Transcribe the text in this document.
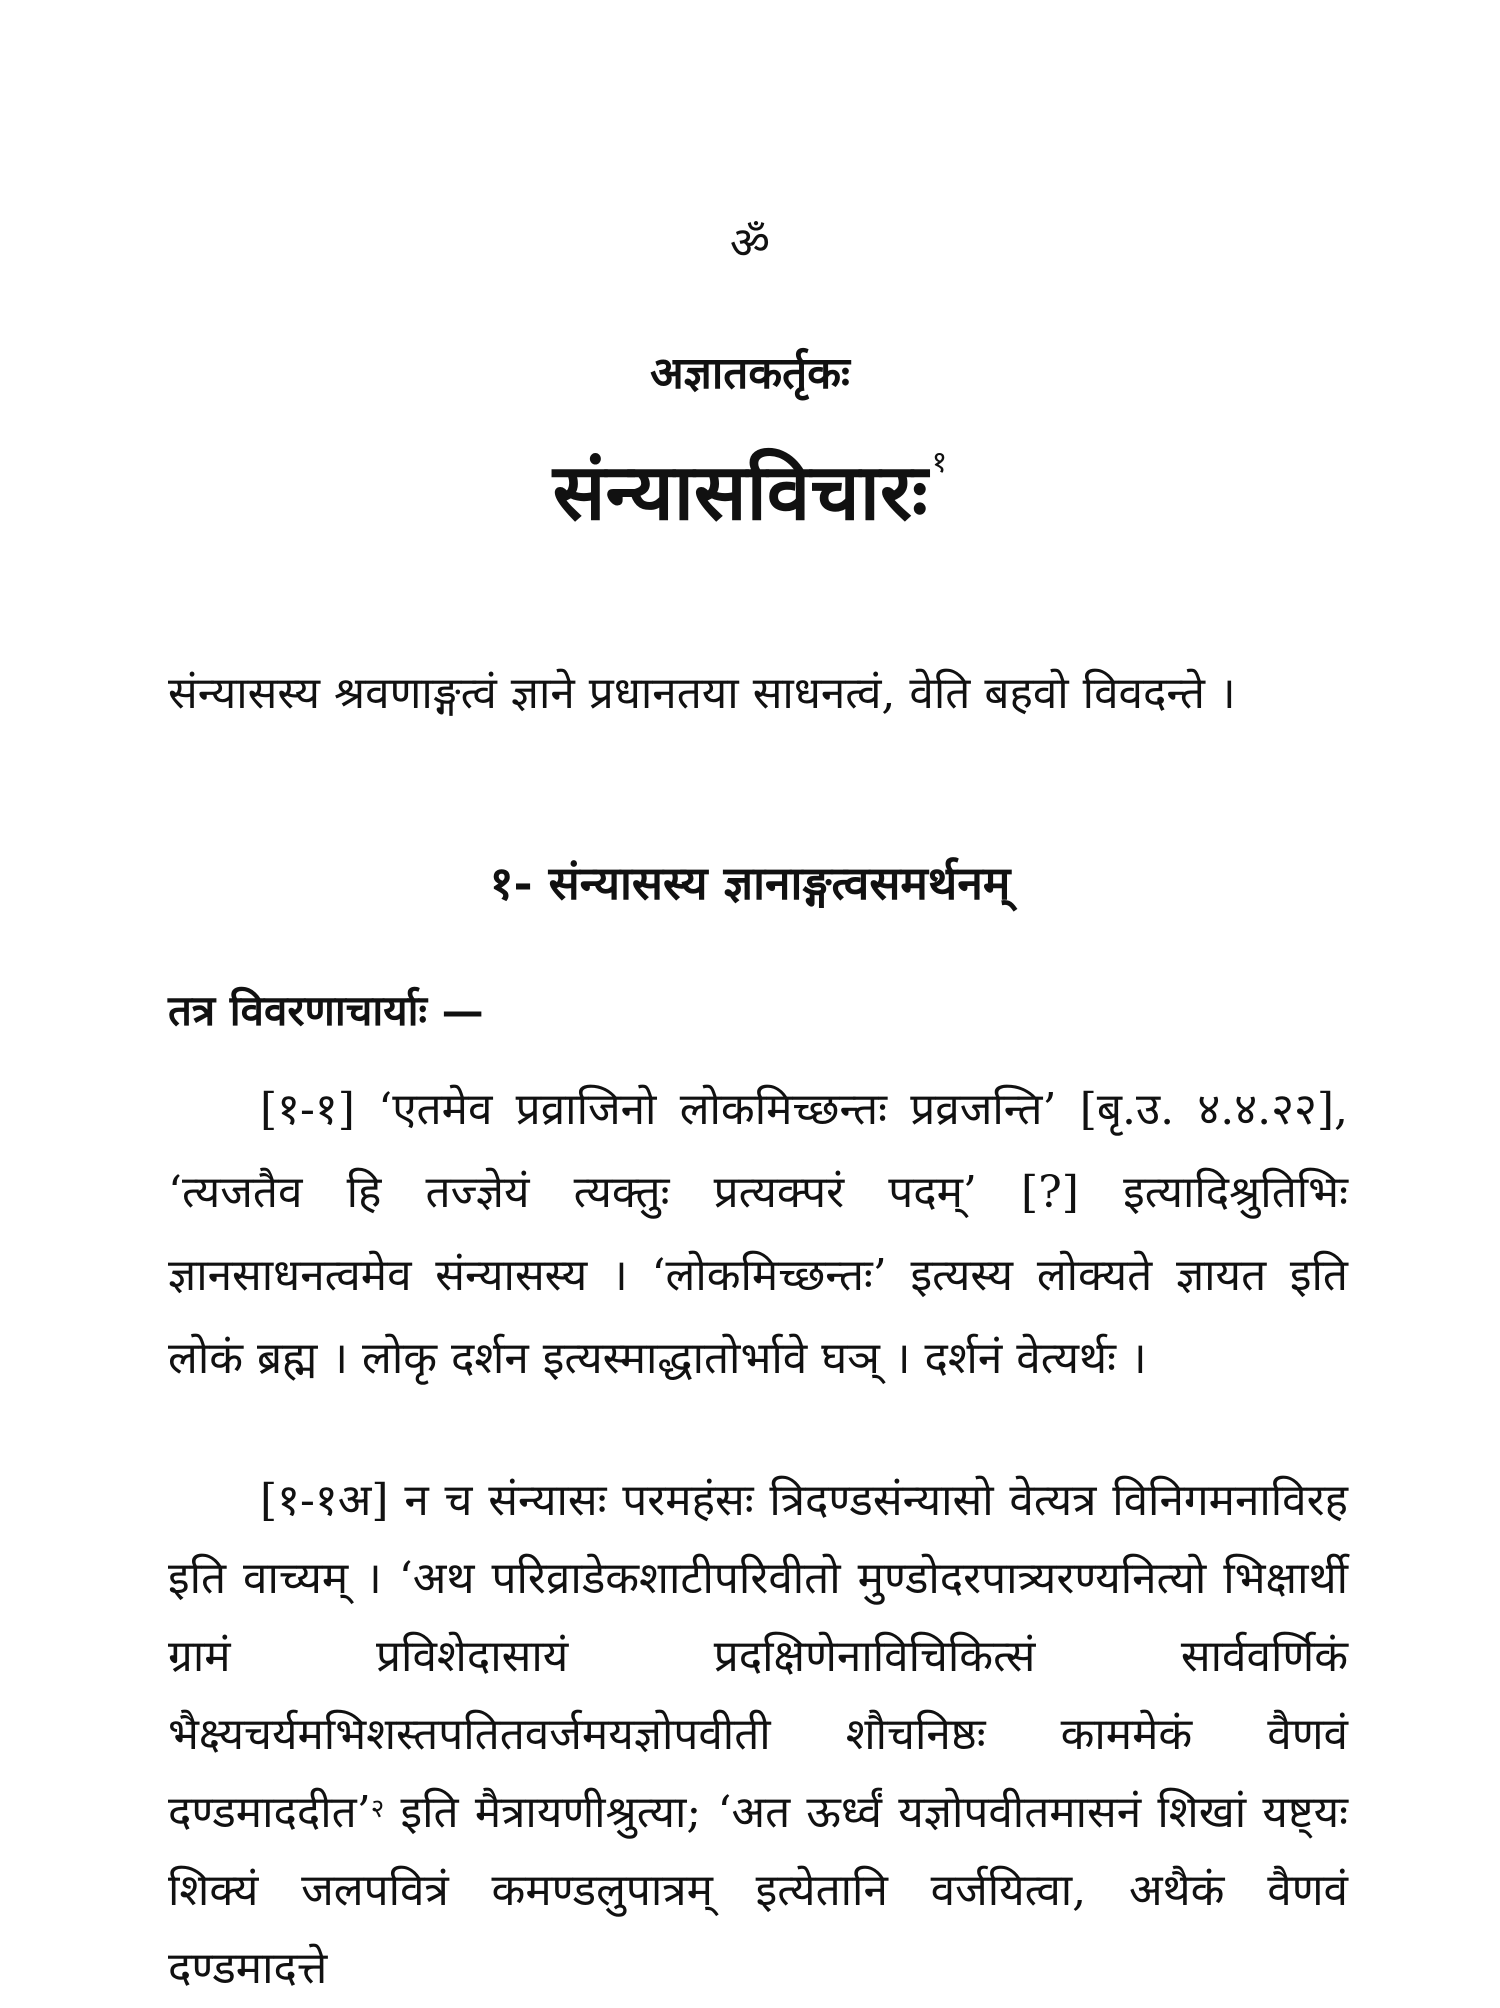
ॐ
अज्ञातकर्तृकः
संन्यासविचारः $^१$
संन्यासस्य श्रवणाङ्गत्वं ज्ञाने प्रधानतया साधनत्वं, वेति बहवो विवदन्ते ।
१- संन्यासस्य ज्ञानाङ्गत्वसमर्थनम्
तत्र विवरणाचार्याः —
[१-१] ‘एतमेव प्रव्राजिनो लोकमिच्छन्तः प्रव्रजन्ति’ [बृ.उ. ४.४.२२], ‘त्यजतैव हि तज्ज्ञेयं त्यक्तुः प्रत्यक्परं पदम्’ [?] इत्यादिश्रुतिभिः ज्ञानसाधनत्वमेव संन्यासस्य । ‘लोकमिच्छन्तः’ इत्यस्य लोक्यते ज्ञायत इति लोकं ब्रह्म । लोकृ दर्शन इत्यस्माद्धातोर्भावे घञ् । दर्शनं वेत्यर्थः ।
[१-१अ] न च संन्यासः परमहंसः त्रिदण्डसंन्यासो वेत्यत्र विनिगमनाविरह इति वाच्यम् । ‘अथ परिव्राडेकशाटीपरिवीतो मुण्डोदरपात्र्यरण्यनित्यो भिक्षार्थी ग्रामं प्रविशेदासायं प्रदक्षिणेनाविचिकित्सं सार्ववर्णिकं भैक्ष्यचर्यमभिशस्तपतितवर्जमयज्ञोपवीती शौचनिष्ठः काममेकं वैणवं दण्डमाददीत’$^२$ इति मैत्रायणीश्रुत्या; ‘अत ऊर्ध्वं यज्ञोपवीतमासनं शिखां यष्ट्यः शिक्यं जलपवित्रं कमण्डलुपात्रम् इत्येतानि वर्जयित्वा, अथैकं वैणवं दण्डमादत्ते
